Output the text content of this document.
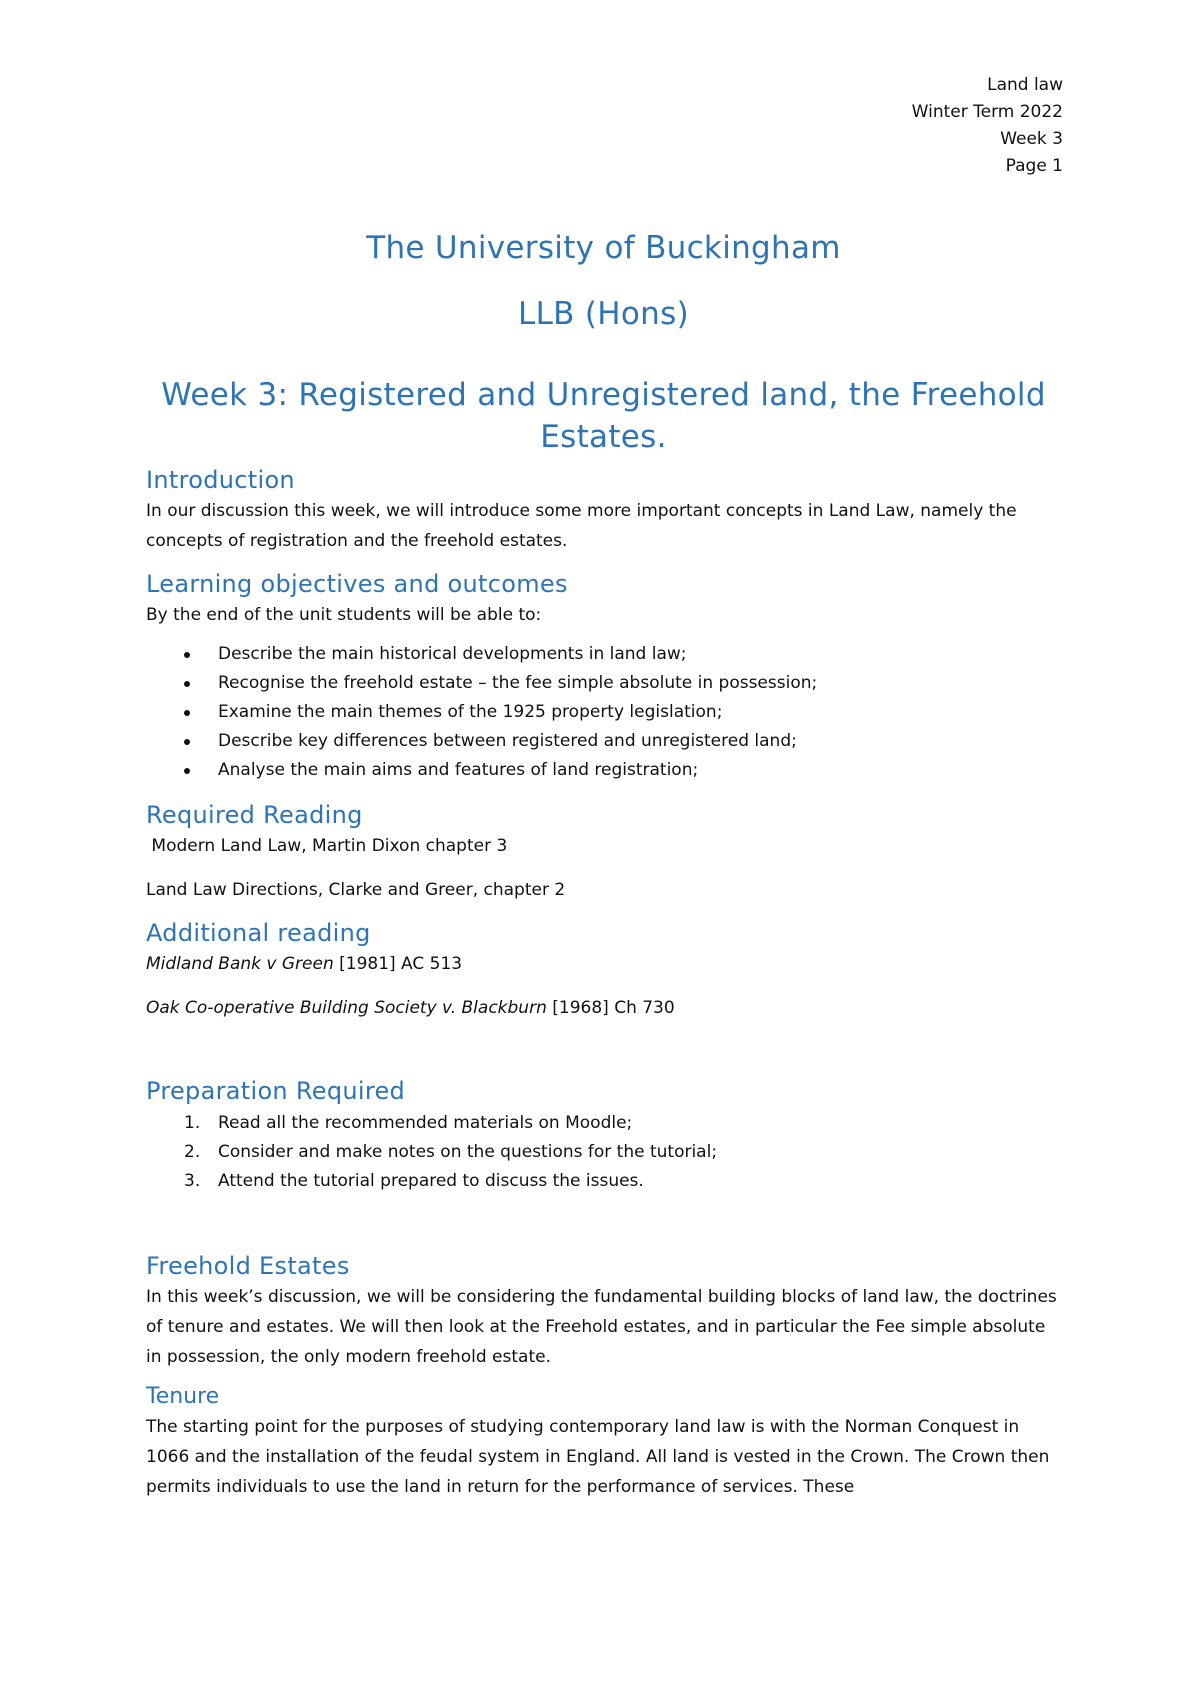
Land law
Winter Term 2022
Week 3
Page 1
The University of Buckingham
LLB (Hons)
Week 3: Registered and Unregistered land, the Freehold Estates.
Introduction

In our discussion this week, we will introduce some more important concepts in Land Law, namely the concepts of registration and the freehold estates.

Learning objectives and outcomes

By the end of the unit students will be able to:

Describe the main historical developments in land law;
Recognise the freehold estate – the fee simple absolute in possession;
Examine the main themes of the 1925 property legislation;
Describe key differences between registered and unregistered land;
Analyse the main aims and features of land registration;
Required Reading

Modern Land Law, Martin Dixon chapter 3

Land Law Directions, Clarke and Greer, chapter 2

Additional reading

Midland Bank v Green [1981] AC 513

Oak Co-operative Building Society v. Blackburn [1968] Ch 730

Preparation Required
1. Read all the recommended materials on Moodle;
2. Consider and make notes on the questions for the tutorial;
3. Attend the tutorial prepared to discuss the issues.
Freehold Estates

In this week’s discussion, we will be considering the fundamental building blocks of land law, the doctrines of tenure and estates. We will then look at the Freehold estates, and in particular the Fee simple absolute in possession, the only modern freehold estate.

Tenure

The starting point for the purposes of studying contemporary land law is with the Norman Conquest in 1066 and the installation of the feudal system in England. All land is vested in the Crown. The Crown then permits individuals to use the land in return for the performance of services. These
